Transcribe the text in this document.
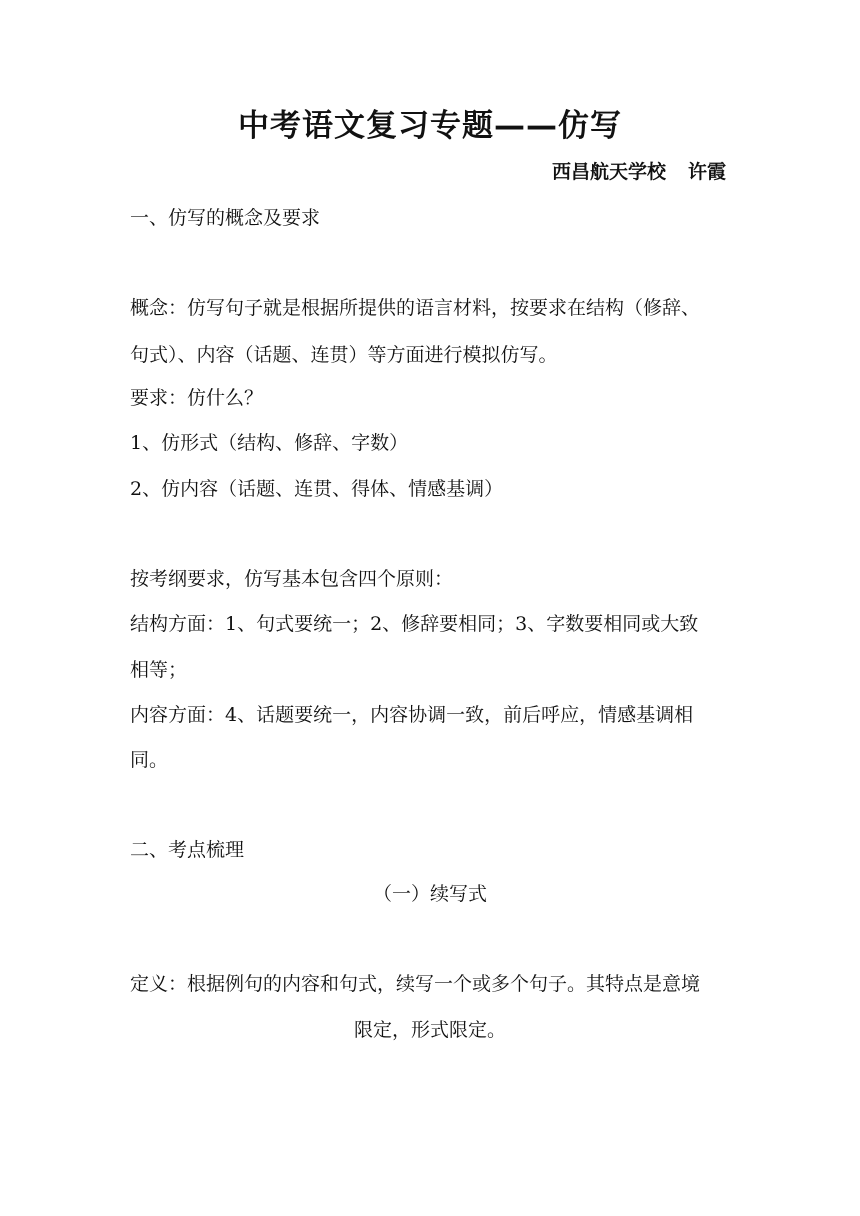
中考语文复习专题——仿写
西昌航天学校 许霞
一、仿写的概念及要求
概念：仿写句子就是根据所提供的语言材料，按要求在结构（修辞、
句式）、内容（话题、连贯）等方面进行模拟仿写。
要求：仿什么？
1、仿形式（结构、修辞、字数）
2、仿内容（话题、连贯、得体、情感基调）
按考纲要求，仿写基本包含四个原则：
结构方面：1、句式要统一；2、修辞要相同；3、字数要相同或大致
相等；
内容方面：4、话题要统一，内容协调一致，前后呼应，情感基调相
同。
二、考点梳理
（一）续写式
定义：根据例句的内容和句式，续写一个或多个句子。其特点是意境
限定，形式限定。
